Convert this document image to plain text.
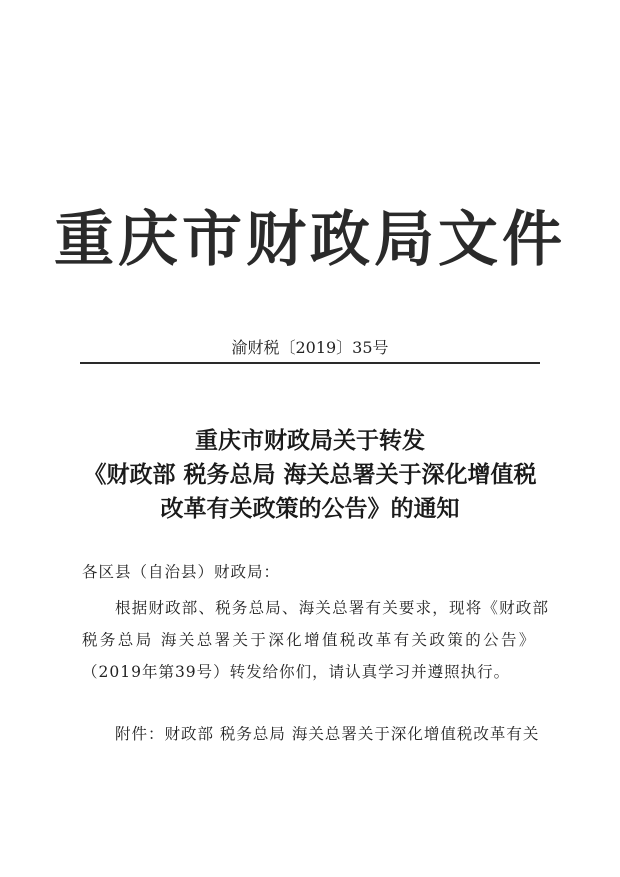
重庆市财政局文件
渝财税〔2019〕35号
重庆市财政局关于转发
《财政部 税务总局 海关总署关于深化增值税
改革有关政策的公告》的通知
各区县（自治县）财政局：
根据财政部、税务总局、海关总署有关要求，现将《财政部
税务总局 海关总署关于深化增值税改革有关政策的公告》
（2019年第39号）转发给你们，请认真学习并遵照执行。
附件：财政部 税务总局 海关总署关于深化增值税改革有关
